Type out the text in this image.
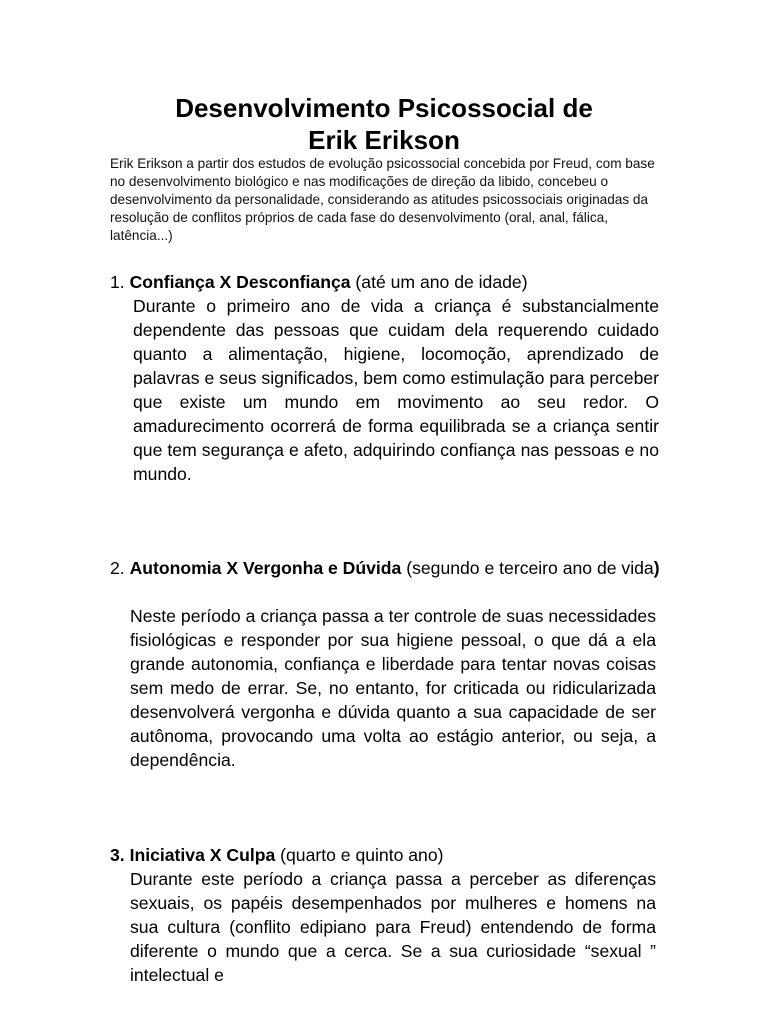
Desenvolvimento Psicossocial de
Erik Erikson
Erik Erikson a partir dos estudos de evolução psicossocial concebida por Freud, com base no desenvolvimento biológico e nas modificações de direção da libido, concebeu o desenvolvimento da personalidade, considerando as atitudes psicossociais originadas da resolução de conflitos próprios de cada fase do desenvolvimento (oral, anal, fálica, latência...)
1. Confiança X Desconfiança (até um ano de idade)
Durante o primeiro ano de vida a criança é substancialmente dependente das pessoas que cuidam dela requerendo cuidado quanto a alimentação, higiene, locomoção, aprendizado de palavras e seus significados, bem como estimulação para perceber que existe um mundo em movimento ao seu redor. O amadurecimento ocorrerá de forma equilibrada se a criança sentir que tem segurança e afeto, adquirindo confiança nas pessoas e no mundo.
2. Autonomia X Vergonha e Dúvida (segundo e terceiro ano de vida)
Neste período a criança passa a ter controle de suas necessidades fisiológicas e responder por sua higiene pessoal, o que dá a ela grande autonomia, confiança e liberdade para tentar novas coisas sem medo de errar. Se, no entanto, for criticada ou ridicularizada desenvolverá vergonha e dúvida quanto a sua capacidade de ser autônoma, provocando uma volta ao estágio anterior, ou seja, a dependência.
3. Iniciativa X Culpa (quarto e quinto ano)
Durante este período a criança passa a perceber as diferenças sexuais, os papéis desempenhados por mulheres e homens na sua cultura (conflito edipiano para Freud) entendendo de forma diferente o mundo que a cerca. Se a sua curiosidade “sexual ” intelectual e
